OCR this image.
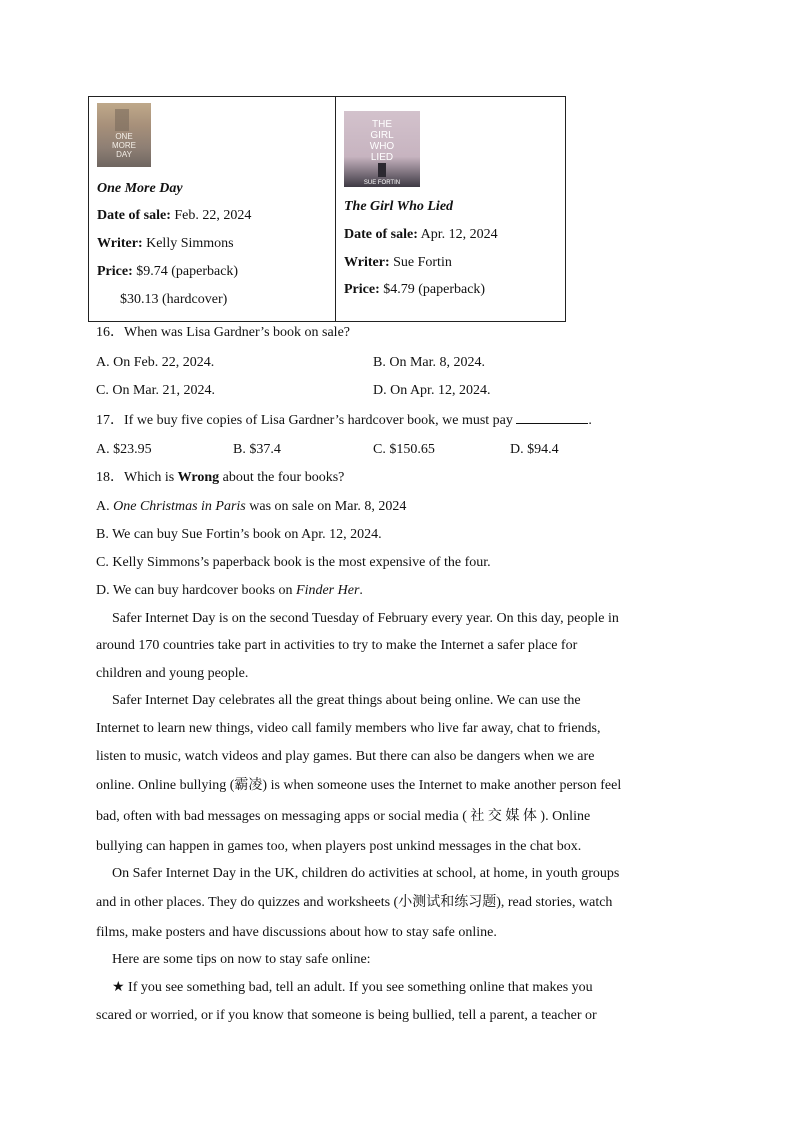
ONE
MORE
DAY
One More Day
Date of sale: Feb. 22, 2024
Writer: Kelly Simmons
Price: $9.74 (paperback)
$30.13 (hardcover)
THE
GIRL
WHO
LIED
SUE FORTIN
The Girl Who Lied
Date of sale: Apr. 12, 2024
Writer: Sue Fortin
Price: $4.79 (paperback)
16．When was Lisa Gardner’s book on sale?
A. On Feb. 22, 2024.	B. On Mar. 8, 2024.
C. On Mar. 21, 2024.	D. On Apr. 12, 2024.
17．If we buy five copies of Lisa Gardner’s hardcover book, we must pay	.
A. $23.95	B. $37.4	C. $150.65	D. $94.4
18．Which is Wrong about the four books?
A. One Christmas in Paris was on sale on Mar. 8, 2024
B. We can buy Sue Fortin’s book on Apr. 12, 2024.
C. Kelly Simmons’s paperback book is the most expensive of the four.
D. We can buy hardcover books on Finder Her.
Safer Internet Day is on the second Tuesday of February every year. On this day, people in
around 170 countries take part in activities to try to make the Internet a safer place for
children and young people.
Safer Internet Day celebrates all the great things about being online. We can use the
Internet to learn new things, video call family members who live far away, chat to friends,
listen to music, watch videos and play games. But there can also be dangers when we are
online. Online bullying (霸凌) is when someone uses the Internet to make another person feel
bad, often with bad messages on messaging apps or social media ( 社 交 媒 体 ). Online
bullying can happen in games too, when players post unkind messages in the chat box.
On Safer Internet Day in the UK, children do activities at school, at home, in youth groups
and in other places. They do quizzes and worksheets (小测试和练习题), read stories, watch
films, make posters and have discussions about how to stay safe online.
Here are some tips on now to stay safe online:
★ If you see something bad, tell an adult. If you see something online that makes you
scared or worried, or if you know that someone is being bullied, tell a parent, a teacher or
